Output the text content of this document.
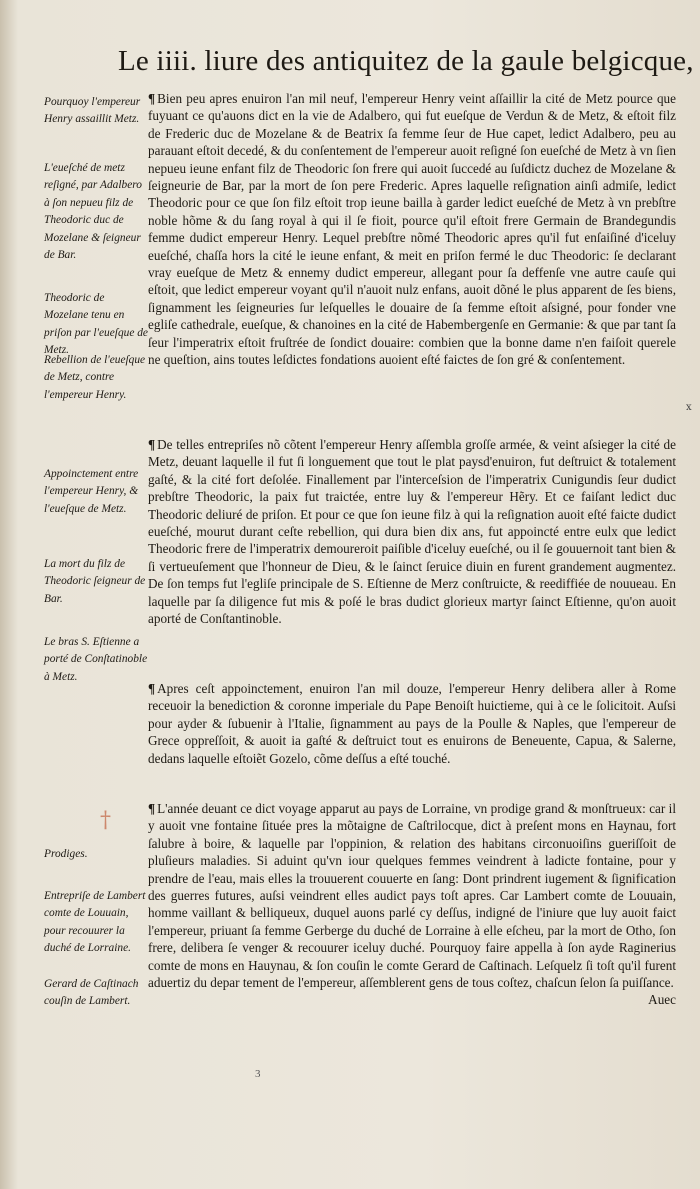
Le iiii. liure des antiquitez de la gaule belgicque,
Pourquoy l'empereur Henry assaillit Metz.
L'eueſché de metz reſigné, par Adalbero à ſon nepueu filz de Theodoric duc de Mozelane & ſeigneur de Bar.
Theodoric de Mozelane tenu en priſon par l'eueſque de Metz.
Rebellion de l'eueſque de Metz, contre l'empereur Henry.
Appoinctement entre l'empereur Henry, & l'eueſque de Metz.
La mort du filz de Theodoric ſeigneur de Bar.
Le bras S. Eſtienne a porté de Conſtatinoble à Metz.
Prodiges.
Entrepriſe de Lambert comte de Louuain, pour recouurer la duché de Lorraine.
Gerard de Caſtinach couſin de Lambert.
¶ Bien peu apres enuiron l'an mil neuf, l'empereur Henry veint aſſaillir la cité de Metz pource que fuyuant ce qu'auons dict en la vie de Adalbero, qui fut eueſque de Verdun & de Metz, & eſtoit filz de Frederic duc de Mozelane & de Beatrix ſa femme ſeur de Hue capet, ledict Adalbero, peu au parauant eſtoit decedé, & du conſentement de l'empereur auoit reſigné ſon eueſché de Metz à vn ſien nepueu ieune enfant filz de Theodoric ſon frere qui auoit ſuccedé au ſuſdictz duchez de Mozelane & ſeigneurie de Bar, par la mort de ſon pere Frederic. Apres laquelle reſignation ainſi admiſe, ledict Theodoric pour ce que ſon filz eſtoit trop ieune bailla à garder ledict eueſché de Metz à vn prebſtre noble hõme & du ſang royal à qui il ſe fioit, pource qu'il eſtoit frere Germain de Brandegundis femme dudict empereur Henry. Lequel prebſtre nõmé Theodoric apres qu'il fut enſaiſiné d'iceluy eueſché, chaſſa hors la cité le ieune enfant, & meit en priſon fermé le duc Theodoric: ſe declarant vray eueſque de Metz & ennemy dudict empereur, allegant pour ſa deffenſe vne autre cauſe qui eſtoit, que ledict empereur voyant qu'il n'auoit nulz enfans, auoit dõné le plus apparent de ſes biens, ſignamment les ſeigneuries ſur leſquelles le douaire de ſa femme eſtoit aſsigné, pour fonder vne egliſe cathedrale, eueſque, & chanoines en la cité de Habembergenſe en Germanie: & que par tant ſa ſeur l'imperatrix eſtoit fruſtrée de ſondict douaire: combien que la bonne dame n'en faiſoit querele ne queſtion, ains toutes leſdictes fondations auoient eſté faictes de ſon gré & conſentement.
¶ De telles entrepriſes nõ cõtent l'empereur Henry aſſembla groſſe armée, & veint aſsieger la cité de Metz, deuant laquelle il fut ſi longuement que tout le plat paysd'enuiron, fut deſtruict & totalement gaſté, & la cité fort deſolée. Finallement par l'interceſsion de l'imperatrix Cunigundis ſeur dudict prebſtre Theodoric, la paix fut traictée, entre luy & l'empereur Hẽry. Et ce faiſant ledict duc Theodoric deliuré de priſon. Et pour ce que ſon ieune filz à qui la reſignation auoit eſté faicte dudict eueſché, mourut durant ceſte rebellion, qui dura bien dix ans, fut appoincté entre eulx que ledict Theodoric frere de l'imperatrix demoureroit paiſible d'iceluy eueſché, ou il ſe gouuernoit tant bien & ſi vertueuſement que l'honneur de Dieu, & le ſainct ſeruice diuin en furent grandement augmentez. De ſon temps fut l'egliſe principale de S. Eſtienne de Merz conſtruicte, & reediffiée de nouueau. En laquelle par ſa diligence fut mis & poſé le bras dudict glorieux martyr ſainct Eſtienne, qu'on auoit aporté de Conſtantinoble.
¶ Apres ceſt appoinctement, enuiron l'an mil douze, l'empereur Henry delibera aller à Rome receuoir la benediction & coronne imperiale du Pape Benoiſt huictieme, qui à ce le ſolicitoit. Auſsi pour ayder & ſubuenir à l'Italie, ſignamment au pays de la Poulle & Naples, que l'empereur de Grece oppreſſoit, & auoit ia gaſté & deſtruict tout es enuirons de Beneuente, Capua, & Salerne, dedans laquelle eſtoiẽt Gozelo, cõme deſſus a eſté touché.
¶ L'année deuant ce dict voyage apparut au pays de Lorraine, vn prodige grand & monſtrueux: car il y auoit vne fontaine ſituée pres la mõtaigne de Caſtrilocque, dict à preſent mons en Haynau, fort ſalubre à boire, & laquelle par l'oppinion, & relation des habitans circonuoiſins gueriſſoit de pluſieurs maladies. Si aduint qu'vn iour quelques femmes veindrent à ladicte fontaine, pour y prendre de l'eau, mais elles la trouuerent couuerte en ſang: Dont prindrent iugement & ſignification des guerres futures, auſsi veindrent elles audict pays toſt apres. Car Lambert comte de Louuain, homme vaillant & belliqueux, duquel auons parlé cy deſſus, indigné de l'iniure que luy auoit faict l'empereur, priuant ſa femme Gerberge du duché de Lorraine à elle eſcheu, par la mort de Otho, ſon frere, delibera ſe venger & recouurer iceluy duché. Pourquoy faire appella à ſon ayde Raginerius comte de mons en Hauynau, & ſon couſin le comte Gerard de Caſtinach. Leſquelz ſi toſt qu'il furent aduertiz du depar tement de l'empereur, aſſemblerent gens de tous coſtez, chaſcun ſelon ſa puiſſance.
Auec
†
x
3
